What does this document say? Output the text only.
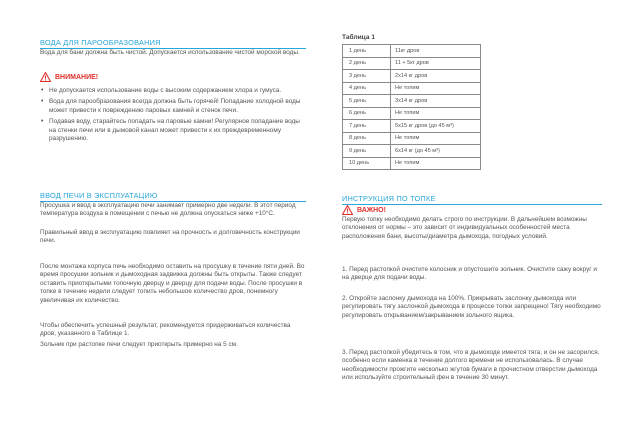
ВОДА ДЛЯ ПАРООБРАЗОВАНИЯ

Вода для бани должна быть чистой. Допускается использование чистой морской воды.

ВНИМАНИЕ!
• Не допускается использование воды с высоким содержанием хлора и гумуса.
• Вода для парообразования всегда должна быть горячей! Попадание холодной воды может привести к повреждению паровых камней и стенок печи.
• Подавая воду, старайтесь попадать на паровые камни! Регулярное попадание воды на стенки печи или в дымовой канал может привести к их преждевременному разрушению.
ВВОД ПЕЧИ В ЭКСПЛУАТАЦИЮ

Просушка и ввод в эксплуатацию печи занимает примерно две недели. В этот период температура воздуха в помещении с печью не должна опускаться ниже +10°С.

Правильный ввод в эксплуатацию повлияет на прочность и долговечность конструкции печи.

После монтажа корпуса печь необходимо оставить на просушку в течение пяти дней. Во время просушки зольник и дымоходная задвижка должны быть открыты. Также следует оставить приоткрытыми топочную дверцу и дверцу для подачи воды. После просушки в топке в течение недели следует топить небольшое количество дров, понемногу увеличивая их количество.

Чтобы обеспечить успешный результат, рекомендуется придерживаться количества дров, указанного в Таблице 1.

Зольник при растопке печи следует приоткрыть примерно на 5 см.

Таблица 1
1 день	11кг дров
2 день	11 + 5кг дров
3 день	2х14 кг дров
4 день	Не топим
5 день	3х14 кг дров
6 день	Не топим
7 день	5х15 кг дров (до 45 м³)
8 день	Не топим
9 день	6х14 кг (до 45 м³)
10 день	Не топим
ИНСТРУКЦИЯ ПО ТОПКЕ
ВАЖНО!

Первую топку необходимо делать строго по инструкции. В дальнейшем возможны отклонения от нормы – это зависит от индивидуальных особенностей места расположения бани, высоты/диаметра дымохода, погодных условий.

1. Перед растопкой очистите колосник и опустошите зольник. Очистите сажу вокруг и на дверце для подачи воды.

2. Откройте заслонку дымохода на 100%. Прикрывать заслонку дымохода или регулировать тягу заслонкой дымохода в процессе топки запрещено! Тягу необходимо регулировать открыванием/закрыванием зольного ящика.

3. Перед растопкой убедитесь в том, что в дымоходе имеется тяга, и он не засорился, особенно если каменка в течение долгого времени не использовалась. В случае необходимости прожгите несколько жгутов бумаги в прочистном отверстии дымохода или используйте строительный фен в течение 30 минут.
